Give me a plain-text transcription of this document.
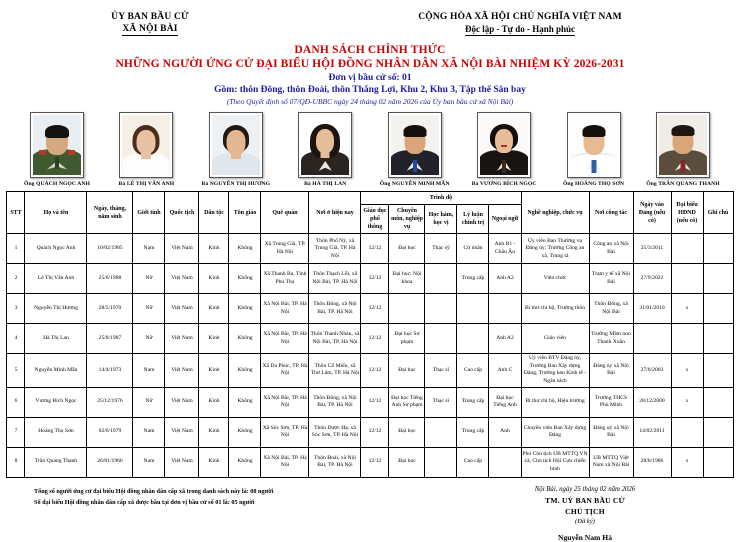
ỦY BAN BẦU CỬ
XÃ NỘI BÀI
CỘNG HÒA XÃ HỘI CHỦ NGHĨA VIỆT NAM
Độc lập - Tự do - Hạnh phúc
DANH SÁCH CHÍNH THỨC
NHỮNG NGƯỜI ỨNG CỬ ĐẠI BIỂU HỘI ĐỒNG NHÂN DÂN XÃ NỘI BÀI NHIỆM KỲ 2026-2031
Đơn vị bầu cử số: 01
Gồm: thôn Đông, thôn Đoài, thôn Thắng Lợi, Khu 2, Khu 3, Tập thể Sân bay
(Theo Quyết định số 07/QĐ-UBBC ngày 24 tháng 02 năm 2026 của Ủy ban bầu cử xã Nội Bài)
Ông QUÁCH NGỌC ANH	Bà LÊ THỊ VÂN ANH	Bà NGUYỄN THỊ HƯƠNG	Bà HÀ THỊ LAN	Ông NGUYỄN MINH MẪN	Bà VƯƠNG BÍCH NGỌC	Ông HOÀNG THỌ SƠN	Ông TRẦN QUANG THANH
STT	Họ và tên	Ngày, tháng, năm sinh	Giới tính	Quốc tịch	Dân tộc	Tôn giáo	Quê quán	Nơi ở hiện nay	Trình độ					Nghề nghiệp, chức vụ	Nơi công tác	Ngày vào Đảng (nếu có)	Đại biểu HĐND (nếu có)	Ghi chú
									Giáo dục phổ thông	Chuyên môn, nghiệp vụ	Học hàm, học vị	Lý luận chính trị	Ngoại ngữ					
1	Quách Ngọc Anh	10/02/1985	Nam	Việt Nam	Kinh	Không	Xã Trung Giã, TP. Hà Nội	Thôn Phố Nỷ, xã Trung Giã, TP. Hà Nội	12/12	Đại học	Thạc sỹ	Cử nhân	Anh B1 - Châu Âu	Ủy viên Ban Thường vụ Đảng ủy; Trưởng Công an xã, Trung tá	Công an xã Nội Bài	25/3/2011		
2	Lê Thị Vân Anh	25/6/1988	Nữ	Việt Nam	Kinh	Không	Xã Thanh Ba, Tỉnh Phú Thọ	Thôn Thạch Lỗi, xã Nội Bài, TP. Hà Nội	12/12	Đại học: Nội khoa		Trung cấp	Anh A2	Viên chức	Trạm y tế xã Nội Bài	27/9/2022		
3	Nguyễn Thị Hương	28/5/1970	Nữ	Việt Nam	Kinh	Không	Xã Nội Bài, TP. Hà Nội	Thôn Đông, xã Nội Bài, TP. Hà Nội	12/12					Bí thư chi bộ, Trưởng thôn	Thôn Đông, xã Nội Bài	31/01/2010	x	
4	Hà Thị Lan	25/8/1987	Nữ	Việt Nam	Kinh	Không	Xã Nội Bài, TP. Hà Nội	Thôn Thanh Nhàn, xã Nội Bài, TP. Hà Nội	12/12	Đại học Sư phạm			Anh A2	Giáo viên	Trường Mầm non Thanh Xuân			
5	Nguyễn Minh Mẫn	14/4/1973	Nam	Việt Nam	Kinh	Không	Xã Da Phúc, TP. Hà Nội	Thôn Cổ Miếu, xã Thư Lâm, TP. Hà Nội	12/12	Đại học	Thạc sĩ	Cao cấp	Anh C	Uỷ viên BTV Đảng ủy, Trưởng Ban Xây dựng Đảng, Trưởng ban Kinh tế - Ngân sách	Đảng ủy xã Nội Bài	27/6/2003	x	
6	Vương Bích Ngọc	25/12/1976	Nữ	Việt Nam	Kinh	Không	Xã Nội Bài, TP. Hà Nội	Thôn Đông, xã Nội Bài, TP. Hà Nội	12/12	Đại học Tiếng Anh Sư phạm	Thạc sĩ	Trung cấp	Đại học Tiếng Anh	Bí thư chi bộ, Hiệu trưởng	Trường THCS Phù Minh	28/12/2000	x	
7	Hoàng Thọ Sơn	02/6/1979	Nam	Việt Nam	Kinh	Không	Xã Sóc Sơn, TP. Hà Nội	Thôn Dược Hạ, xã Sóc Sơn, TP. Hà Nội	12/12	Đại học		Trung cấp	Anh	Chuyên viên Ban Xây dựng Đảng	Đảng uỷ xã Nội Bài	14/02/2011		
8	Trần Quang Thanh	26/01/1966	Nam	Việt Nam	Kinh	Không	Xã Nội Bài, TP. Hà Nội	Thôn Đoài, xã Nội Bài, TP. Hà Nội	12/12	Đại học		Cao cấp		Phó Chủ tịch UB MTTQ VN xã, Chủ tịch Hội Cựu chiến binh	UB MTTQ Việt Nam xã Nội Bài	28/6/1986	x	
Tổng số người ứng cử đại biểu Hội đồng nhân dân cấp xã trong danh sách này là: 08 người
Số đại biểu Hội đồng nhân dân cấp xã được bầu tại đơn vị bầu cử số 01 là: 05 người
Nội Bài, ngày 25 tháng 02 năm 2026
TM. UỶ BAN BẦU CỬ
CHỦ TỊCH
(Đã ký)
Nguyễn Nam Hà
